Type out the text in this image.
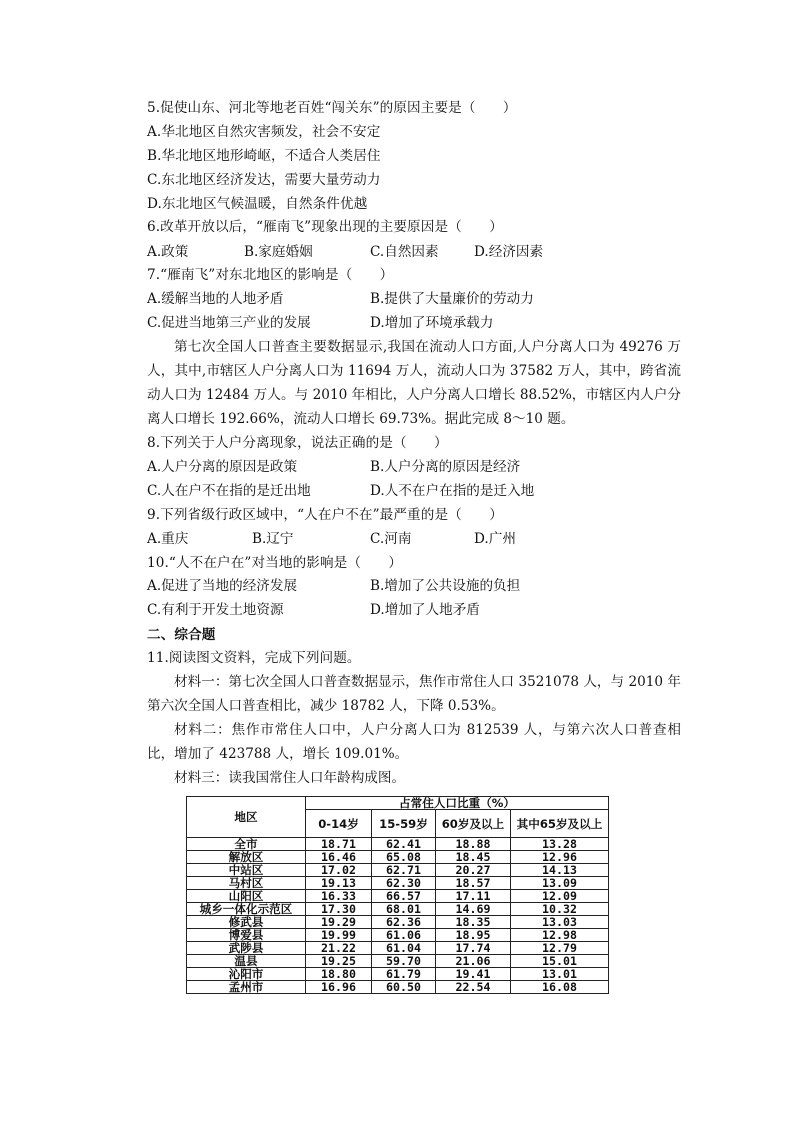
5.促使山东、河北等地老百姓“闯关东”的原因主要是（　　）
A.华北地区自然灾害频发，社会不安定
B.华北地区地形崎岖，不适合人类居住
C.东北地区经济发达，需要大量劳动力
D.东北地区气候温暖，自然条件优越
6.改革开放以后，“雁南飞”现象出现的主要原因是（　　）
A.政策	B.家庭婚姻	C.自然因素	D.经济因素
7.“雁南飞”对东北地区的影响是（　　）
A.缓解当地的人地矛盾	B.提供了大量廉价的劳动力
C.促进当地第三产业的发展	D.增加了环境承载力

第七次全国人口普查主要数据显示,我国在流动人口方面,人户分离人口为 49276 万人，其中,市辖区人户分离人口为 11694 万人，流动人口为 37582 万人，其中，跨省流动人口为 12484 万人。与 2010 年相比，人户分离人口增长 88.52%，市辖区内人户分离人口增长 192.66%，流动人口增长 69.73%。据此完成 8～10 题。

8.下列关于人户分离现象，说法正确的是（　　）
A.人户分离的原因是政策	B.人户分离的原因是经济
C.人在户不在指的是迁出地	D.人不在户在指的是迁入地
9.下列省级行政区域中，“人在户不在”最严重的是（　　）
A.重庆	B.辽宁	C.河南	D.广州
10.“人不在户在”对当地的影响是（　　）
A.促进了当地的经济发展	B.增加了公共设施的负担
C.有利于开发土地资源	D.增加了人地矛盾
二、综合题
11.阅读图文资料，完成下列问题。

材料一：第七次全国人口普查数据显示，焦作市常住人口 3521078 人，与 2010 年第六次全国人口普查相比，减少 18782 人，下降 0.53%。

材料二：焦作市常住人口中，人户分离人口为 812539 人，与第六次人口普查相比，增加了 423788 人，增长 109.01%。

材料三：读我国常住人口年龄构成图。

地区	占常住人口比重（%）			
	0-14岁	15-59岁	60岁及以上	其中65岁及以上
全市	18.71	62.41	18.88	13.28
解放区	16.46	65.08	18.45	12.96
中站区	17.02	62.71	20.27	14.13
马村区	19.13	62.30	18.57	13.09
山阳区	16.33	66.57	17.11	12.09
城乡一体化示范区	17.30	68.01	14.69	10.32
修武县	19.29	62.36	18.35	13.03
博爱县	19.99	61.06	18.95	12.98
武陟县	21.22	61.04	17.74	12.79
温县	19.25	59.70	21.06	15.01
沁阳市	18.80	61.79	19.41	13.01
孟州市	16.96	60.50	22.54	16.08
